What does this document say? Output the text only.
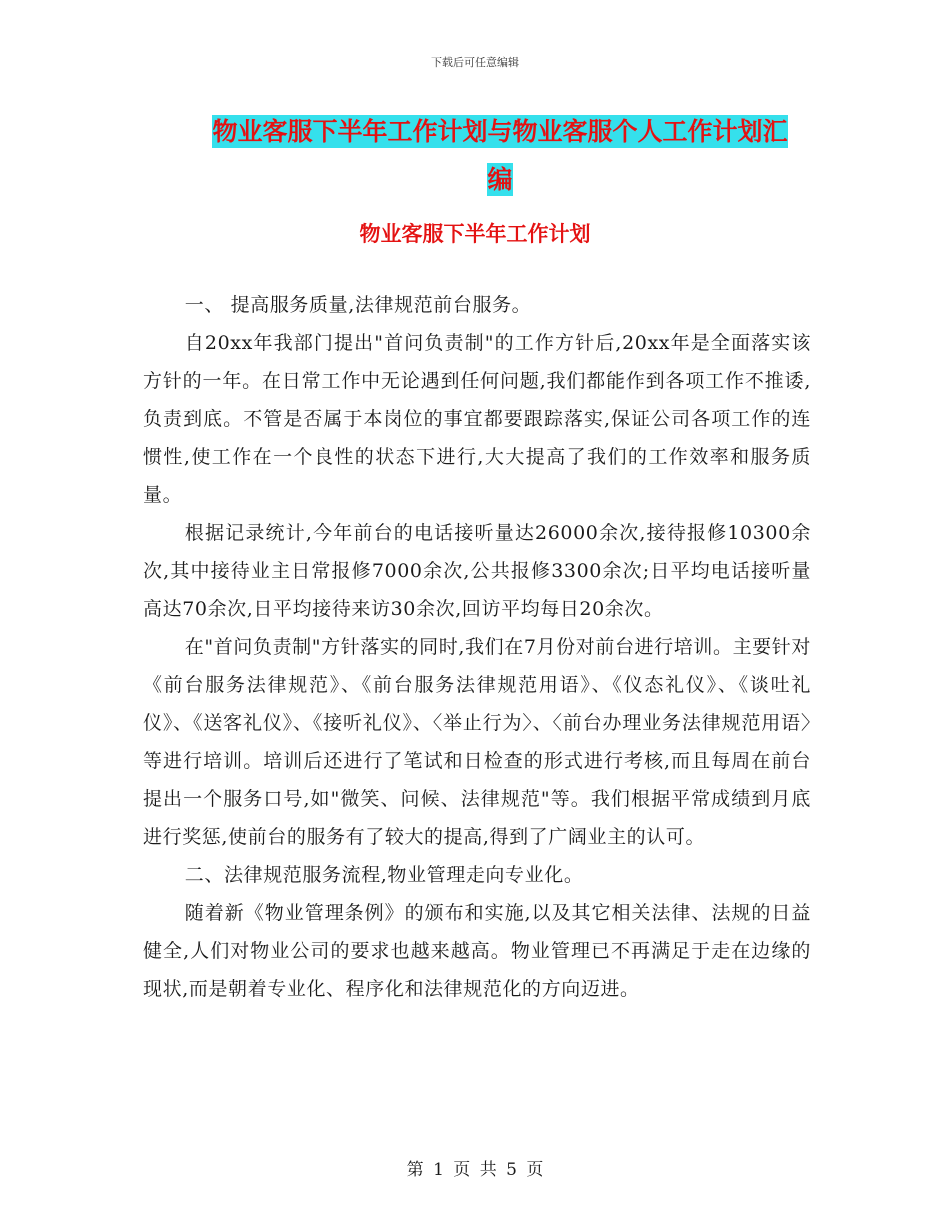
下载后可任意编辑
物业客服下半年工作计划与物业客服个人工作计划汇
编
物业客服下半年工作计划

一、 提高服务质量,法律规范前台服务。

自20xx年我部门提出"首问负责制"的工作方针后,20xx年是全面落实该方针的一年。在日常工作中无论遇到任何问题,我们都能作到各项工作不推诿,负责到底。不管是否属于本岗位的事宜都要跟踪落实,保证公司各项工作的连惯性,使工作在一个良性的状态下进行,大大提高了我们的工作效率和服务质量。

根据记录统计,今年前台的电话接听量达26000余次,接待报修10300余次,其中接待业主日常报修7000余次,公共报修3300余次;日平均电话接听量高达70余次,日平均接待来访30余次,回访平均每日20余次。

在"首问负责制"方针落实的同时,我们在7月份对前台进行培训。主要针对《前台服务法律规范》、《前台服务法律规范用语》、《仪态礼仪》、《谈吐礼仪》、《送客礼仪》、《接听礼仪》、〈举止行为〉、〈前台办理业务法律规范用语〉等进行培训。培训后还进行了笔试和日检查的形式进行考核,而且每周在前台提出一个服务口号,如"微笑、问候、法律规范"等。我们根据平常成绩到月底进行奖惩,使前台的服务有了较大的提高,得到了广阔业主的认可。

二、法律规范服务流程,物业管理走向专业化。

随着新《物业管理条例》的颁布和实施,以及其它相关法律、法规的日益健全,人们对物业公司的要求也越来越高。物业管理已不再满足于走在边缘的现状,而是朝着专业化、程序化和法律规范化的方向迈进。

第 1 页 共 5 页
